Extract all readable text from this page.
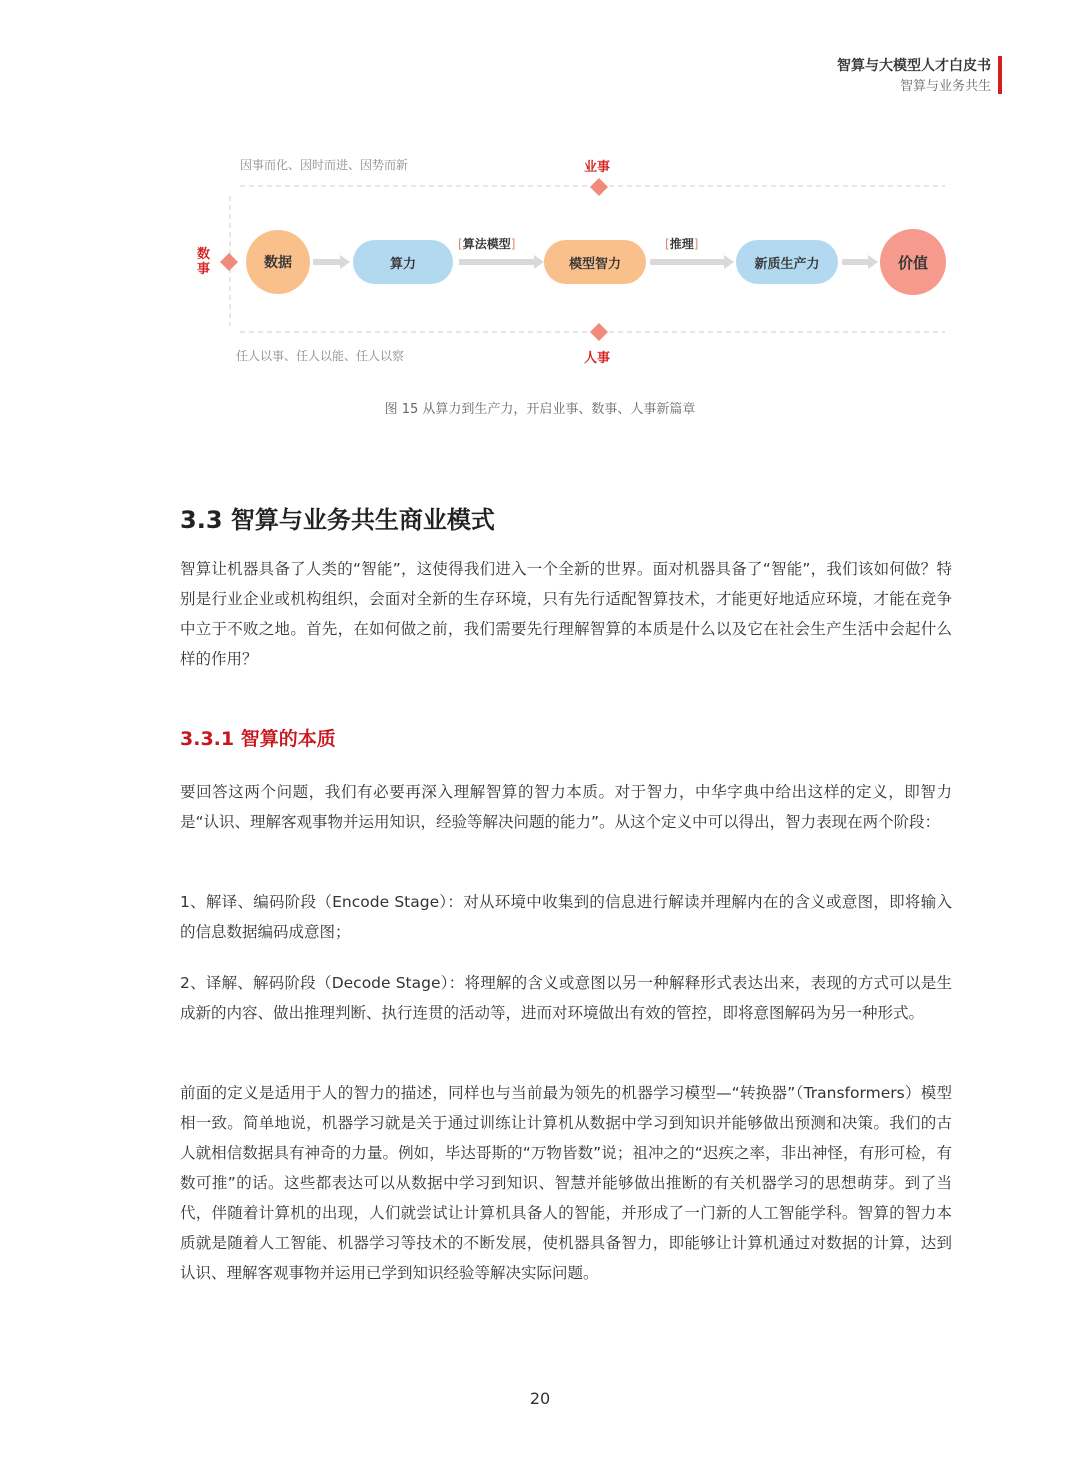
智算与大模型人才白皮书
智算与业务共生
因事而化、因时而进、因势而新	业事
数事
任人以事、任人以能、任人以察	人事
数据	算力	模型智力	新质生产力	价值
[算法模型]	[推理]
图 15 从算力到生产力，开启业事、数事、人事新篇章
3.3 智算与业务共生商业模式
智算让机器具备了人类的“智能”，这使得我们进入一个全新的世界。面对机器具备了“智能”，我们该如何做？特别是行业企业或机构组织，会面对全新的生存环境，只有先行适配智算技术，才能更好地适应环境，才能在竞争中立于不败之地。首先，在如何做之前，我们需要先行理解智算的本质是什么以及它在社会生产生活中会起什么样的作用？
3.3.1 智算的本质
要回答这两个问题，我们有必要再深入理解智算的智力本质。对于智力，中华字典中给出这样的定义，即智力是“认识、理解客观事物并运用知识，经验等解决问题的能力”。从这个定义中可以得出，智力表现在两个阶段：
1、解译、编码阶段（Encode Stage）：对从环境中收集到的信息进行解读并理解内在的含义或意图，即将输入的信息数据编码成意图；
2、译解、解码阶段（Decode Stage）：将理解的含义或意图以另一种解释形式表达出来，表现的方式可以是生成新的内容、做出推理判断、执行连贯的活动等，进而对环境做出有效的管控，即将意图解码为另一种形式。
前面的定义是适用于人的智力的描述，同样也与当前最为领先的机器学习模型—“转换器”（Transformers）模型相一致。简单地说，机器学习就是关于通过训练让计算机从数据中学习到知识并能够做出预测和决策。我们的古人就相信数据具有神奇的力量。例如，毕达哥斯的“万物皆数”说；祖冲之的“迟疾之率，非出神怪，有形可检，有数可推”的话。这些都表达可以从数据中学习到知识、智慧并能够做出推断的有关机器学习的思想萌芽。到了当代，伴随着计算机的出现，人们就尝试让计算机具备人的智能，并形成了一门新的人工智能学科。智算的智力本质就是随着人工智能、机器学习等技术的不断发展，使机器具备智力，即能够让计算机通过对数据的计算，达到认识、理解客观事物并运用已学到知识经验等解决实际问题。
20
